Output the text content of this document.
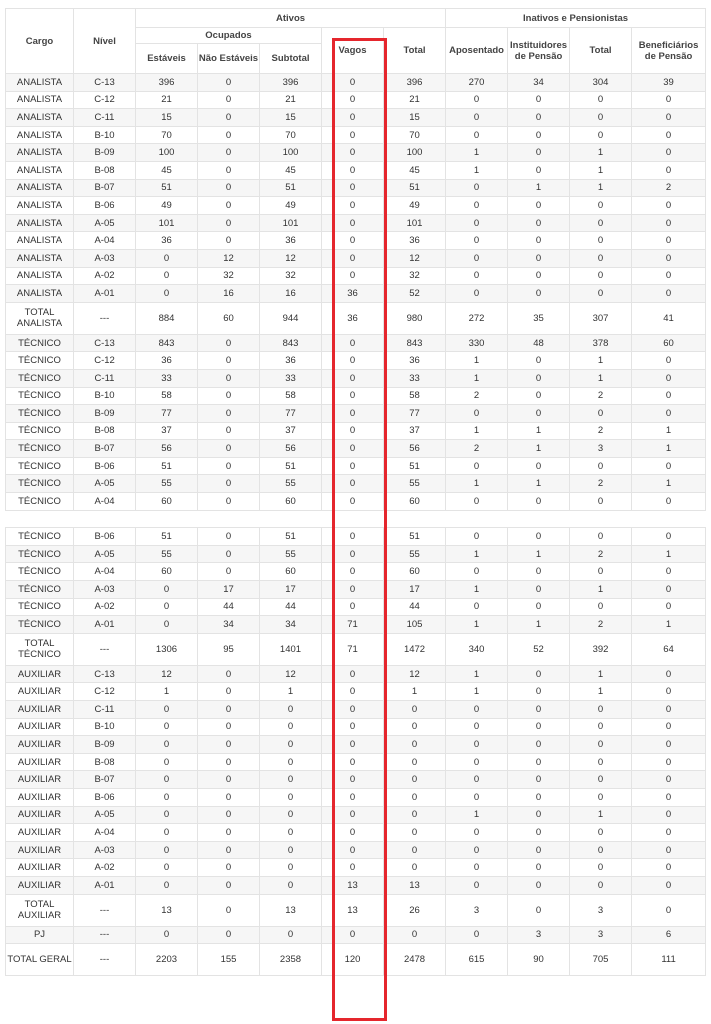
Cargo	Nível	Ativos					Inativos e Pensionistas			
		Ocupados			Vagos	Total	Aposentado	Instituidores de Pensão	Total	Beneficiários de Pensão
		Estáveis	Não Estáveis	Subtotal						
ANALISTA	C-13	396	0	396	0	396	270	34	304	39
ANALISTA	C-12	21	0	21	0	21	0	0	0	0
ANALISTA	C-11	15	0	15	0	15	0	0	0	0
ANALISTA	B-10	70	0	70	0	70	0	0	0	0
ANALISTA	B-09	100	0	100	0	100	1	0	1	0
ANALISTA	B-08	45	0	45	0	45	1	0	1	0
ANALISTA	B-07	51	0	51	0	51	0	1	1	2
ANALISTA	B-06	49	0	49	0	49	0	0	0	0
ANALISTA	A-05	101	0	101	0	101	0	0	0	0
ANALISTA	A-04	36	0	36	0	36	0	0	0	0
ANALISTA	A-03	0	12	12	0	12	0	0	0	0
ANALISTA	A-02	0	32	32	0	32	0	0	0	0
ANALISTA	A-01	0	16	16	36	52	0	0	0	0
TOTAL ANALISTA	---	884	60	944	36	980	272	35	307	41
TÉCNICO	C-13	843	0	843	0	843	330	48	378	60
TÉCNICO	C-12	36	0	36	0	36	1	0	1	0
TÉCNICO	C-11	33	0	33	0	33	1	0	1	0
TÉCNICO	B-10	58	0	58	0	58	2	0	2	0
TÉCNICO	B-09	77	0	77	0	77	0	0	0	0
TÉCNICO	B-08	37	0	37	0	37	1	1	2	1
TÉCNICO	B-07	56	0	56	0	56	2	1	3	1
TÉCNICO	B-06	51	0	51	0	51	0	0	0	0
TÉCNICO	A-05	55	0	55	0	55	1	1	2	1
TÉCNICO	A-04	60	0	60	0	60	0	0	0	0

TÉCNICO	B-06	51	0	51	0	51	0	0	0	0
TÉCNICO	A-05	55	0	55	0	55	1	1	2	1
TÉCNICO	A-04	60	0	60	0	60	0	0	0	0
TÉCNICO	A-03	0	17	17	0	17	1	0	1	0
TÉCNICO	A-02	0	44	44	0	44	0	0	0	0
TÉCNICO	A-01	0	34	34	71	105	1	1	2	1
TOTAL TÉCNICO	---	1306	95	1401	71	1472	340	52	392	64
AUXILIAR	C-13	12	0	12	0	12	1	0	1	0
AUXILIAR	C-12	1	0	1	0	1	1	0	1	0
AUXILIAR	C-11	0	0	0	0	0	0	0	0	0
AUXILIAR	B-10	0	0	0	0	0	0	0	0	0
AUXILIAR	B-09	0	0	0	0	0	0	0	0	0
AUXILIAR	B-08	0	0	0	0	0	0	0	0	0
AUXILIAR	B-07	0	0	0	0	0	0	0	0	0
AUXILIAR	B-06	0	0	0	0	0	0	0	0	0
AUXILIAR	A-05	0	0	0	0	0	1	0	1	0
AUXILIAR	A-04	0	0	0	0	0	0	0	0	0
AUXILIAR	A-03	0	0	0	0	0	0	0	0	0
AUXILIAR	A-02	0	0	0	0	0	0	0	0	0
AUXILIAR	A-01	0	0	0	13	13	0	0	0	0
TOTAL AUXILIAR	---	13	0	13	13	26	3	0	3	0
PJ	---	0	0	0	0	0	0	3	3	6
TOTAL GERAL	---	2203	155	2358	120	2478	615	90	705	111
